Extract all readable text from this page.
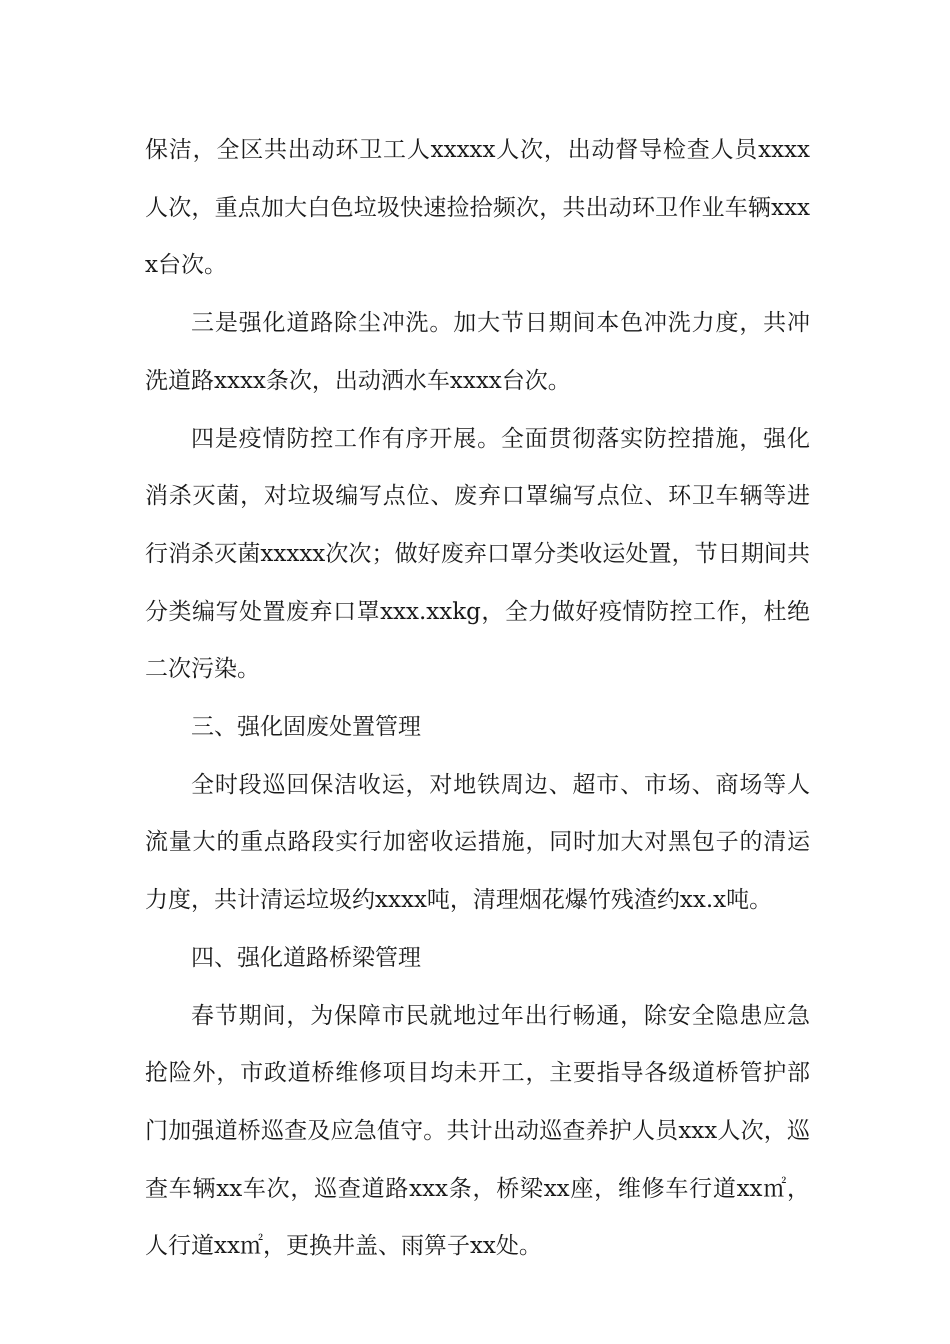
保洁，全区共出动环卫工人xxxxx人次，出动督导检查人员xxxx人次，重点加大白色垃圾快速捡拾频次，共出动环卫作业车辆xxxx台次。

三是强化道路除尘冲洗。加大节日期间本色冲洗力度，共冲洗道路xxxx条次，出动洒水车xxxx台次。

四是疫情防控工作有序开展。全面贯彻落实防控措施，强化消杀灭菌，对垃圾编写点位、废弃口罩编写点位、环卫车辆等进行消杀灭菌xxxxx次次；做好废弃口罩分类收运处置，节日期间共分类编写处置废弃口罩xxx.xxkg，全力做好疫情防控工作，杜绝二次污染。

三、强化固废处置管理

全时段巡回保洁收运，对地铁周边、超市、市场、商场等人流量大的重点路段实行加密收运措施，同时加大对黑包子的清运力度，共计清运垃圾约xxxx吨，清理烟花爆竹残渣约xx.x吨。

四、强化道路桥梁管理

春节期间，为保障市民就地过年出行畅通，除安全隐患应急抢险外，市政道桥维修项目均未开工，主要指导各级道桥管护部门加强道桥巡查及应急值守。共计出动巡查养护人员xxx人次，巡查车辆xx车次，巡查道路xxx条，桥梁xx座，维修车行道xx㎡，人行道xx㎡，更换井盖、雨箅子xx处。
